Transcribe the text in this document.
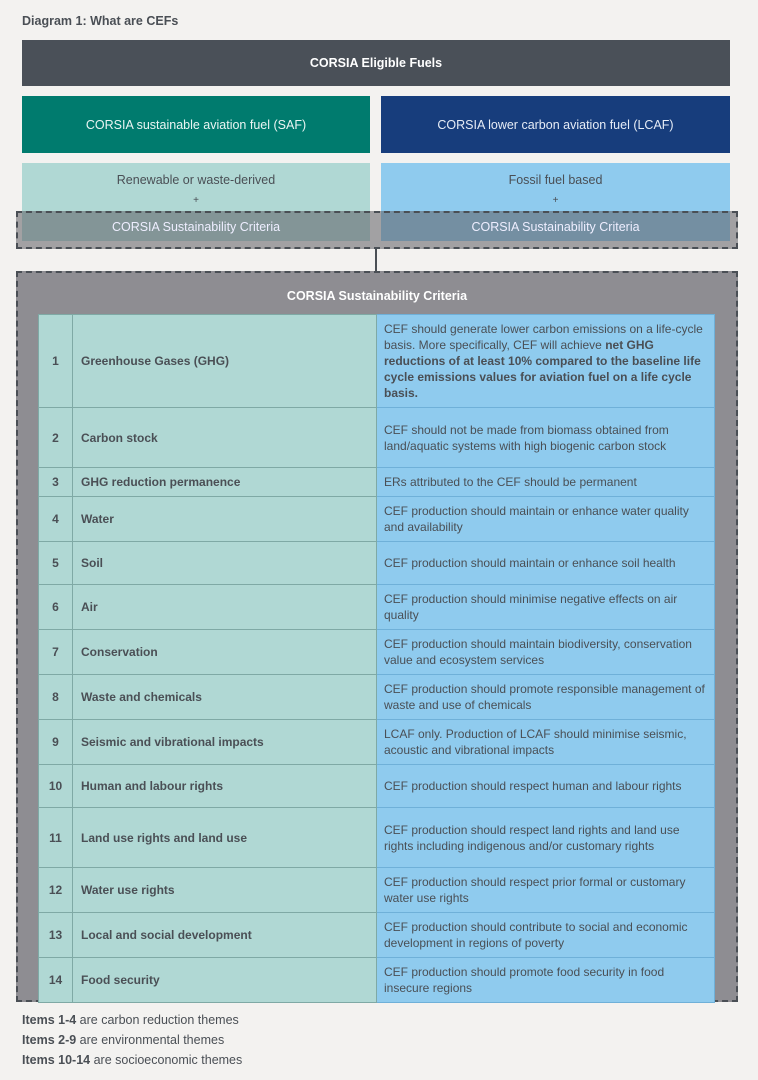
Diagram 1: What are CEFs
CORSIA Eligible Fuels
CORSIA sustainable aviation fuel (SAF)	CORSIA lower carbon aviation fuel (LCAF)
Renewable or waste-derived
+
Fossil fuel based
+
CORSIA Sustainability Criteria	CORSIA Sustainability Criteria
CORSIA Sustainability Criteria
1	Greenhouse Gases (GHG)	CEF should generate lower carbon emissions on a life-cycle basis. More specifically, CEF will achieve net GHG reductions of at least 10% compared to the baseline life cycle emissions values for aviation fuel on a life cycle basis.
2	Carbon stock	CEF should not be made from biomass obtained from land/aquatic systems with high biogenic carbon stock
3	GHG reduction permanence	ERs attributed to the CEF should be permanent
4	Water	CEF production should maintain or enhance water quality and availability
5	Soil	CEF production should maintain or enhance soil health
6	Air	CEF production should minimise negative effects on air quality
7	Conservation	CEF production should maintain biodiversity, conservation value and ecosystem services
8	Waste and chemicals	CEF production should promote responsible management of waste and use of chemicals
9	Seismic and vibrational impacts	LCAF only. Production of LCAF should minimise seismic, acoustic and vibrational impacts
10	Human and labour rights	CEF production should respect human and labour rights
11	Land use rights and land use	CEF production should respect land rights and land use rights including indigenous and/or customary rights
12	Water use rights	CEF production should respect prior formal or customary water use rights
13	Local and social development	CEF production should contribute to social and economic development in regions of poverty
14	Food security	CEF production should promote food security in food insecure regions
Items 1-4 are carbon reduction themes
Items 2-9 are environmental themes
Items 10-14 are socioeconomic themes
